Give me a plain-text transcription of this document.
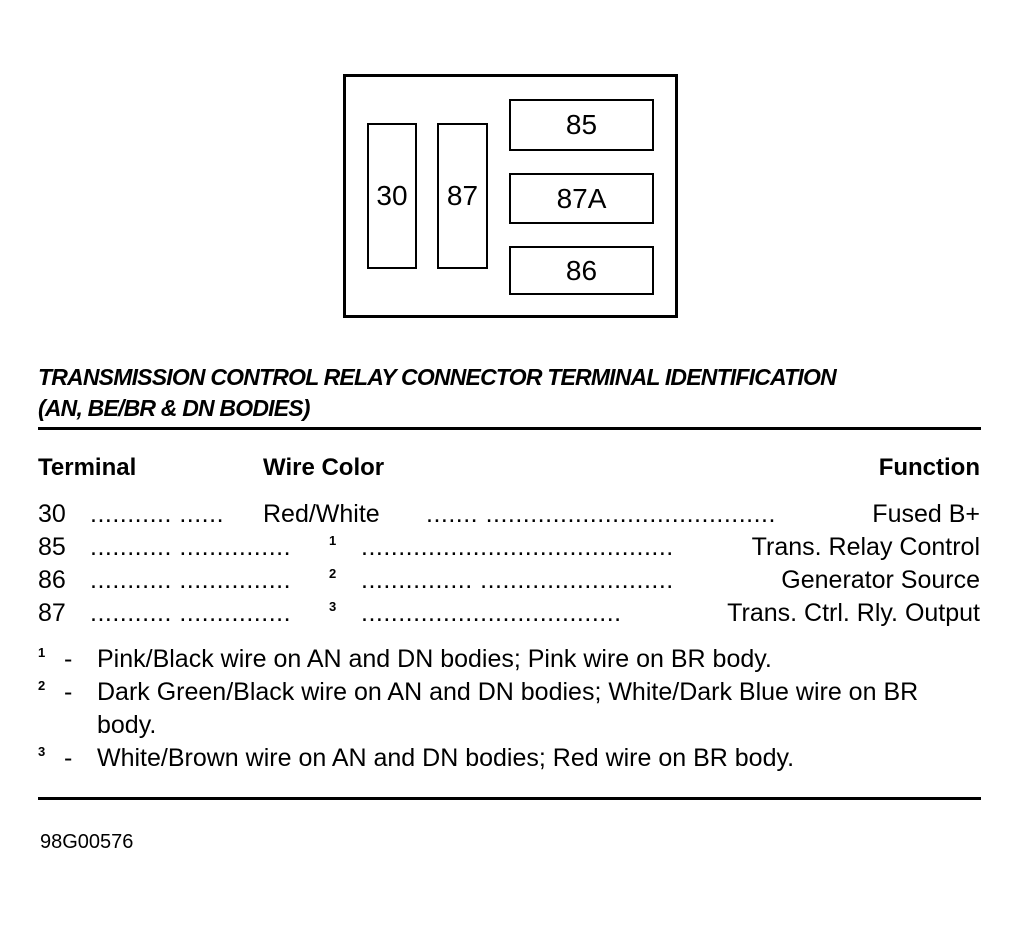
30	87
85
87A
86
TRANSMISSION CONTROL RELAY CONNECTOR TERMINAL IDENTIFICATION
(AN, BE/BR & DN BODIES)
Terminal	Wire Color	Function
30 ........... ...... Red/White ....... .......................................	Fused B+
85 ........... ...............	1 ..........................................	Trans. Relay Control
86 ........... ...............	2 ............... ..........................	Generator Source
87 ........... ...............	3 ...................................	Trans. Ctrl. Rly. Output
1 - Pink/Black wire on AN and DN bodies; Pink wire on BR body.
2 - Dark Green/Black wire on AN and DN bodies; White/Dark Blue wire on BR body.
3 - White/Brown wire on AN and DN bodies; Red wire on BR body.
98G00576
